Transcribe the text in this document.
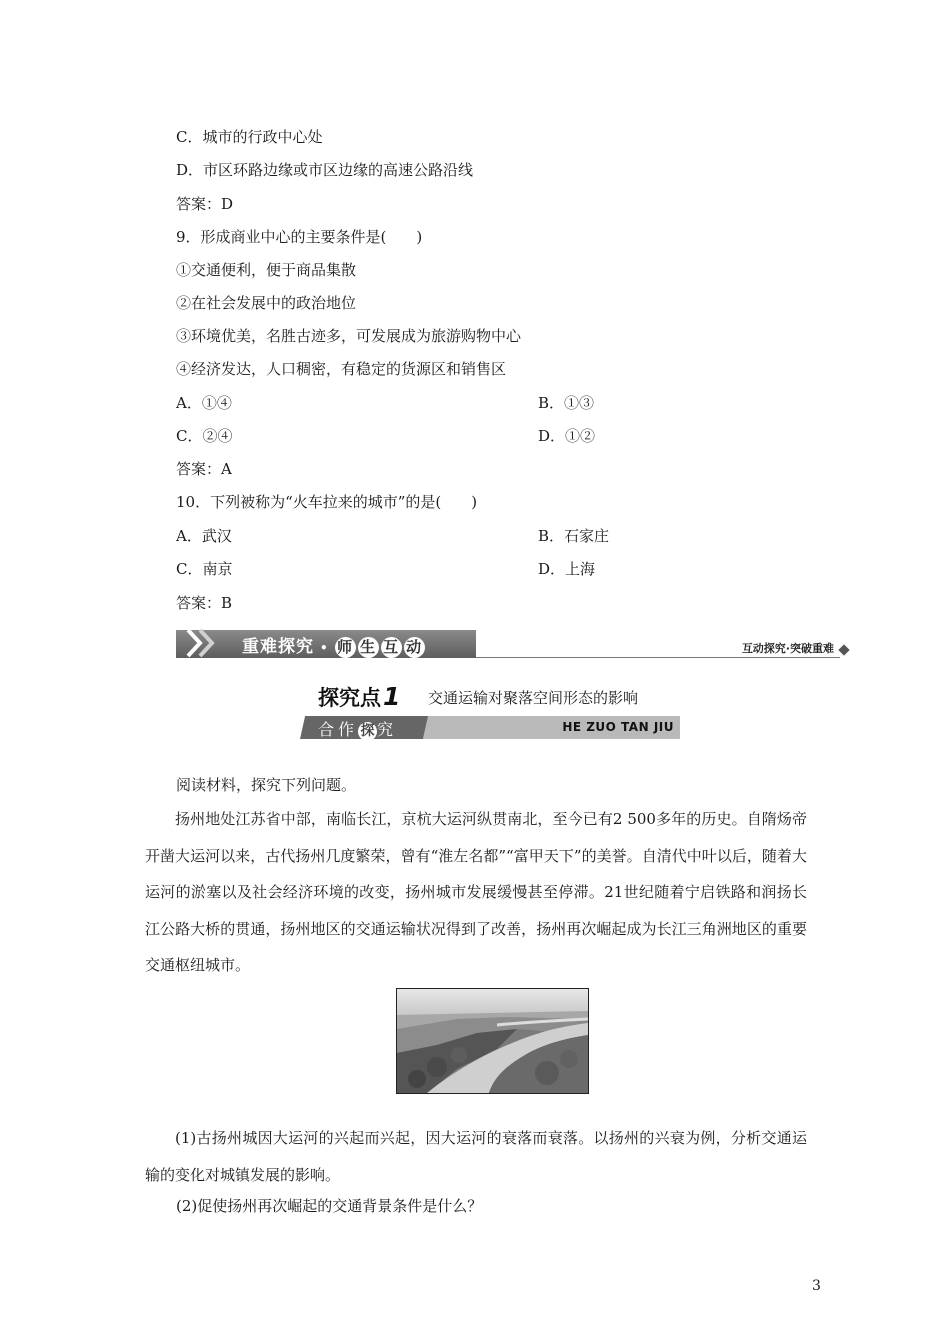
C．城市的行政中心处
D．市区环路边缘或市区边缘的高速公路沿线
答案：D
9．形成商业中心的主要条件是(　　)
①交通便利，便于商品集散
②在社会发展中的政治地位
③环境优美，名胜古迹多，可发展成为旅游购物中心
④经济发达，人口稠密，有稳定的货源区和销售区
A．①④	B．①③
C．②④	D．①②
答案：A
10．下列被称为“火车拉来的城市”的是(　　)
A．武汉	B．石家庄
C．南京	D．上海
答案：B
重难探究 • 师 生 互 动	互动探究·突破重难
探究点1 交通运输对聚落空间形态的影响
合作 探 究	HE ZUO TAN JIU
阅读材料，探究下列问题。
扬州地处江苏省中部，南临长江，京杭大运河纵贯南北，至今已有2 500多年的历史。自隋炀帝开凿大运河以来，古代扬州几度繁荣，曾有“淮左名都”“富甲天下”的美誉。自清代中叶以后，随着大运河的淤塞以及社会经济环境的改变，扬州城市发展缓慢甚至停滞。21世纪随着宁启铁路和润扬长江公路大桥的贯通，扬州地区的交通运输状况得到了改善，扬州再次崛起成为长江三角洲地区的重要交通枢纽城市。
(1)古扬州城因大运河的兴起而兴起，因大运河的衰落而衰落。以扬州的兴衰为例，分析交通运输的变化对城镇发展的影响。
(2)促使扬州再次崛起的交通背景条件是什么？
3
